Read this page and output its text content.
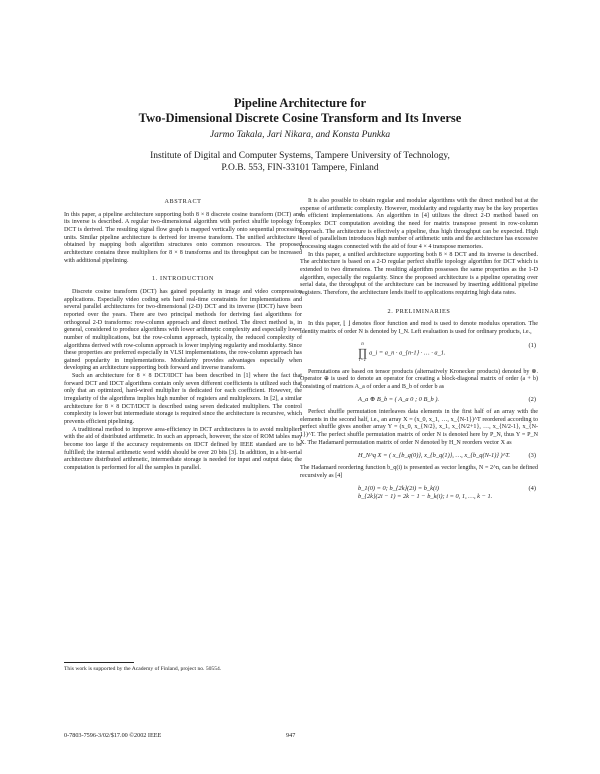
Pipeline Architecture for
Two-Dimensional Discrete Cosine Transform and Its Inverse
Jarmo Takala, Jari Nikara, and Konsta Punkka
Institute of Digital and Computer Systems, Tampere University of Technology,
P.O.B. 553, FIN-33101 Tampere, Finland
ABSTRACT

In this paper, a pipeline architecture supporting both 8 × 8 discrete cosine transform (DCT) and its inverse is described. A regular two-dimensional algorithm with perfect shuffle topology for DCT is derived. The resulting signal flow graph is mapped vertically onto sequential processing units. Similar pipeline architecture is derived for inverse transform. The unified architecture is obtained by mapping both algorithm structures onto common resources. The proposed architecture contains three multipliers for 8 × 8 transforms and its throughput can be increased with additional pipelining.

1. INTRODUCTION

Discrete cosine transform (DCT) has gained popularity in image and video compression applications. Especially video coding sets hard real-time constraints for implementations and several parallel architectures for two-dimensional (2-D) DCT and its inverse (IDCT) have been reported over the years. There are two principal methods for deriving fast algorithms for orthogonal 2-D transforms: row-column approach and direct method. The direct method is, in general, considered to produce algorithms with lower arithmetic complexity and especially lower number of multiplications, but the row-column approach, typically, the reduced complexity of algorithms derived with row-column approach is lower implying regularity and modularity. Since these properties are preferred especially in VLSI implementations, the row-column approach has gained popularity in implementations. Modularity provides advantages especially when developing an architecture supporting both forward and inverse transform.

Such an architecture for 8 × 8 DCT/IDCT has been described in [1] where the fact that forward DCT and IDCT algorithms contain only seven different coefficients is utilized such that only that an optimized, hard-wired multiplier is dedicated for each coefficient. However, the irregularity of the algorithms implies high number of registers and multiplexers. In [2], a similar architecture for 8 × 8 DCT/IDCT is described using seven dedicated multipliers. The control complexity is lower but intermediate storage is required since the architecture is recursive, which prevents efficient pipelining.

A traditional method to improve area-efficiency in DCT architectures is to avoid multipliers with the aid of distributed arithmetic. In such an approach, however, the size of ROM tables may become too large if the accuracy requirements on IDCT defined by IEEE standard are to be fulfilled; the internal arithmetic word width should be over 20 bits [3]. In addition, in a bit-serial architecture distributed arithmetic, intermediate storage is needed for input and output data; the computation is performed for all the samples in parallel.

It is also possible to obtain regular and modular algorithms with the direct method but at the expense of arithmetic complexity. However, modularity and regularity may be the key properties in efficient implementations. An algorithm in [4] utilizes the direct 2-D method based on complex DCT computation avoiding the need for matrix transpose present in row-column approach. The architecture is effectively a pipeline, thus high throughput can be expected. High level of parallelism introduces high number of arithmetic units and the architecture has excessive processing stages connected with the aid of four 4 × 4 transpose memories.

In this paper, a unified architecture supporting both 8 × 8 DCT and its inverse is described. The architecture is based on a 2-D regular perfect shuffle topology algorithm for DCT which is extended to two dimensions. The resulting algorithm possesses the same properties as the 1-D algorithm, especially the regularity. Since the proposed architecture is a pipeline operating over serial data, the throughput of the architecture can be increased by inserting additional pipeline registers. Therefore, the architecture lends itself to applications requiring high data rates.

2. PRELIMINARIES

In this paper, ⌊ ⌋ denotes floor function and mod is used to denote modulus operation. The identity matrix of order N is denoted by I_N. Left evaluation is used for ordinary products, i.e.,

n
∏
i=1a_i = a_n · a_{n-1} · … · a_1.
(1)

Permutations are based on tensor products (alternatively Kronecker products) denoted by ⊗. Operator ⊕ is used to denote an operator for creating a block-diagonal matrix of order (a + b) consisting of matrices A_a of order a and B_b of order b as

A_a ⊕ B_b = ( A_a 0 ; 0 B_b ).	(2)

Perfect shuffle permutation interleaves data elements in the first half of an array with the elements in the second half, i.e., an array X = (x_0, x_1, …, x_{N-1})^T reordered according to perfect shuffle gives another array Y = (x_0, x_{N/2}, x_1, x_{N/2+1}, …, x_{N/2-1}, x_{N-1})^T. The perfect shuffle permutation matrix of order N is denoted here by P_N, thus Y = P_N X. The Hadamard permutation matrix of order N denoted by H_N reorders vector X as

H_N^q X = ( x_{b_q(0)}, x_{b_q(1)}, …, x_{b_q(N-1)} )^T.	(3)

The Hadamard reordering function b_q(i) is presented as vector lengths, N = 2^n, can be defined recursively as [4]

b_1(0) = 0; b_{2k}(2i) = b_k(i)
b_{2k}(2i − 1) = 2k − 1 − b_k(i); i = 0, 1, …, k − 1.
(4)
This work is supported by the Academy of Finland, project no. 50554.
0-7803-7596-3/02/$17.00 ©2002 IEEE	947
